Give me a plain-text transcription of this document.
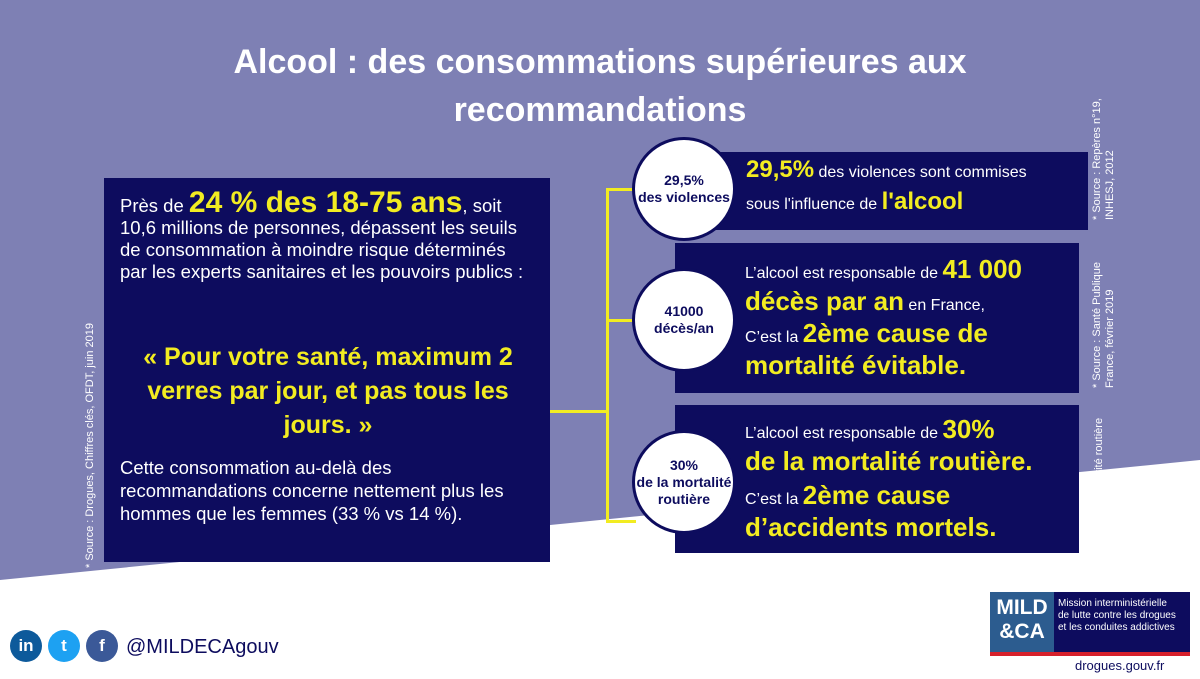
Alcool : des consommations supérieures aux
recommandations
Près de 24 % des 18-75 ans, soit 10,6 millions de personnes, dépassent les seuils de consommation à moindre risque déterminés par les experts sanitaires et les pouvoirs publics :
« Pour votre santé, maximum 2 verres par jour, et pas tous les jours. »
Cette consommation au-delà des recommandations concerne nettement plus les hommes que les femmes (33 % vs 14 %).
* Source : Drogues, Chiffres clés, OFDT, juin 2019
29,5% des violences sont commises
sous l'influence de l'alcool
29,5%
des violences	* Source : Repères n°19, INHESJ, 2012
L’alcool est responsable de 41 000
décès par an en France,
C’est la 2ème cause de
mortalité évitable.
41000
décès/an	* Source : Santé Publique France, février 2019
L’alcool est responsable de 30%
de la mortalité routière.
C’est la 2ème cause
d’accidents mortels.
30%
de la mortalité
routière	* Source : Sécurité routière
in	t	f	@MILDECAgouv
MILD
&CA
Mission interministérielle
de lutte contre les drogues
et les conduites addictives
drogues.gouv.fr
